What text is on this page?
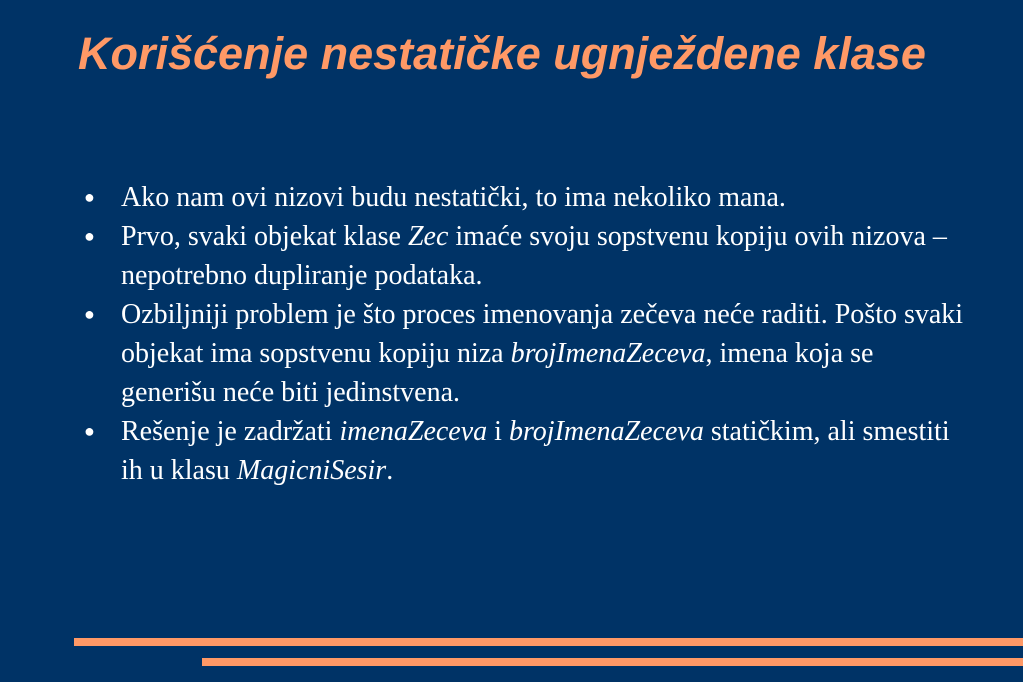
Korišćenje nestatičke ugnježdene klase
● Ako nam ovi nizovi budu nestatički, to ima nekoliko mana.
● Prvo, svaki objekat klase Zec imaće svoju sopstvenu kopiju ovih nizova – nepotrebno dupliranje podataka.
● Ozbiljniji problem je što proces imenovanja zečeva neće raditi. Pošto svaki objekat ima sopstvenu kopiju niza brojImenaZeceva, imena koja se generišu neće biti jedinstvena.
● Rešenje je zadržati imenaZeceva i brojImenaZeceva statičkim, ali smestiti ih u klasu MagicniSesir.
